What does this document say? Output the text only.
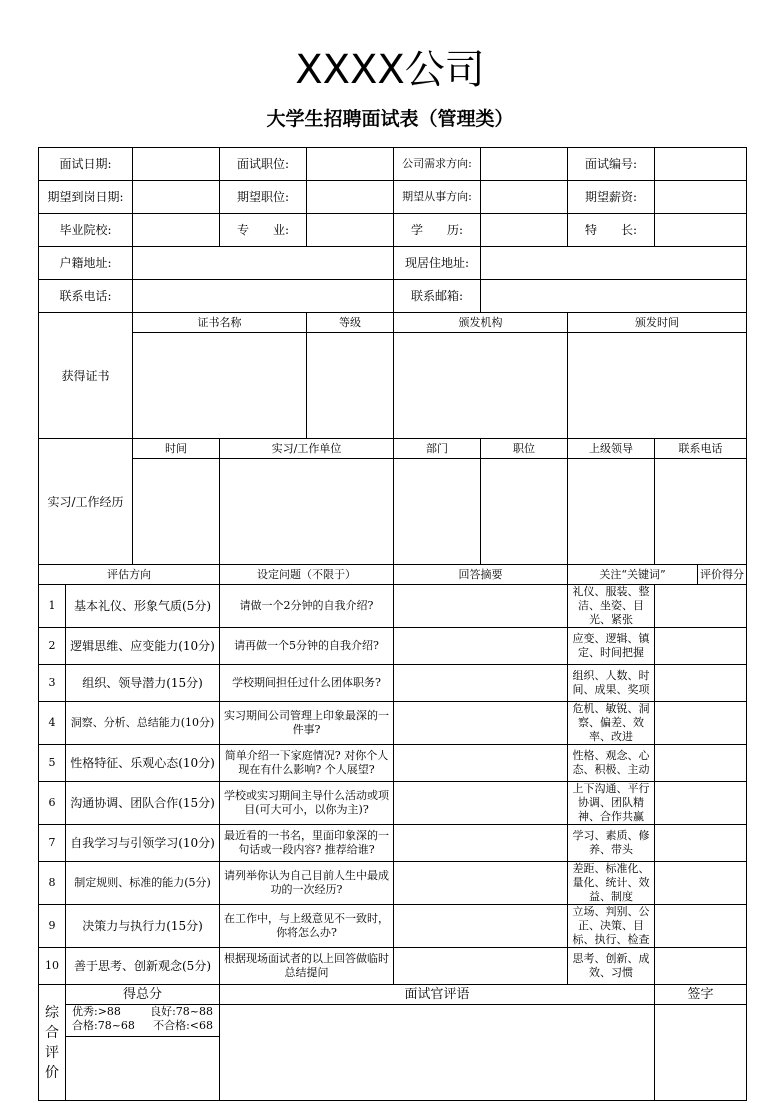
XXXX公司
大学生招聘面试表（管理类）
面试日期:			面试职位:		公司需求方向:		面试编号:		
期望到岗日期:			期望职位:		期望从事方向:		期望薪资:		
毕业院校:			专　　业:		学　　历:		特　　长:		
户籍地址:					现居住地址:				
联系电话:					联系邮箱:				
获得证书		证书名称		等级	颁发机构		颁发时间		

实习/工作经历		时间	实习/工作单位		部门	职位	上级领导	联系电话	

评估方向			设定问题（不限于）		回答摘要		关注“关键词”		评价得分
1	基本礼仪、形象气质(5分)		请做一个2分钟的自我介绍?				礼仪、服装、整洁、坐姿、目光、紧张		
2	逻辑思维、应变能力(10分)		请再做一个5分钟的自我介绍?				应变、逻辑、镇定、时间把握		
3	组织、领导潜力(15分)		学校期间担任过什么团体职务?				组织、人数、时间、成果、奖项		
4	洞察、分析、总结能力(10分)		实习期间公司管理上印象最深的一件事?				危机、敏锐、洞察、偏差、效率、改进		
5	性格特征、乐观心态(10分)		简单介绍一下家庭情况? 对你个人现在有什么影响? 个人展望?				性格、观念、心态、积极、主动		
6	沟通协调、团队合作(15分)		学校或实习期间主导什么活动或项目(可大可小，以你为主)?				上下沟通、平行协调、团队精神、合作共赢		
7	自我学习与引领学习(10分)		最近看的一书名，里面印象深的一句话或一段内容? 推荐给谁?				学习、素质、修养、带头		
8	制定规则、标准的能力(5分)		请列举你认为自己目前人生中最成功的一次经历?				差距、标准化、量化、统计、效益、制度		
9	决策力与执行力(15分)		在工作中，与上级意见不一致时，你将怎么办?				立场、判别、公正、决策、目标、执行、检查		
10	善于思考、创新观念(5分)		根据现场面试者的以上回答做临时总结提问				思考、创新、成效、习惯		

综合评价	得总分		面试官评语					签字	

	优秀:>88 良好:78~88
合格:78~68 不合格:<68								
